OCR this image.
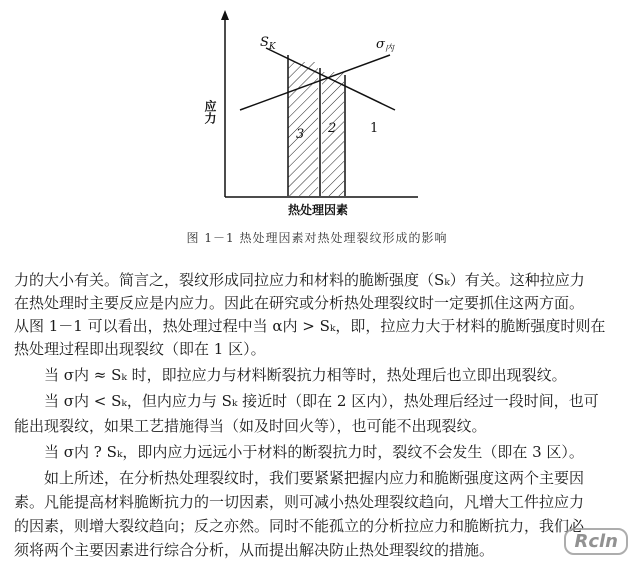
$S_K$	$\sigma_内$
3 2	1
应力
热处理因素
图 1－1 热处理因素对热处理裂纹形成的影响
力的大小有关。简言之，裂纹形成同拉应力和材料的脆断强度（Sₖ）有关。这种拉应力
在热处理时主要反应是内应力。因此在研究或分析热处理裂纹时一定要抓住这两方面。
从图 1－1 可以看出，热处理过程中当 α内 > Sₖ，即，拉应力大于材料的脆断强度时则在
热处理过程即出现裂纹（即在 1 区）。
当 σ内 ≈ Sₖ 时，即拉应力与材料断裂抗力相等时，热处理后也立即出现裂纹。
当 σ内 < Sₖ，但内应力与 Sₖ 接近时（即在 2 区内），热处理后经过一段时间，也可
能出现裂纹，如果工艺措施得当（如及时回火等），也可能不出现裂纹。
当 σ内 ? Sₖ，即内应力远远小于材料的断裂抗力时，裂纹不会发生（即在 3 区）。
如上所述，在分析热处理裂纹时，我们要紧紧把握内应力和脆断强度这两个主要因
素。凡能提高材料脆断抗力的一切因素，则可减小热处理裂纹趋向，凡增大工件拉应力
的因素，则增大裂纹趋向；反之亦然。同时不能孤立的分析拉应力和脆断抗力，我们必
须将两个主要因素进行综合分析，从而提出解决防止热处理裂纹的措施。	Rcln
